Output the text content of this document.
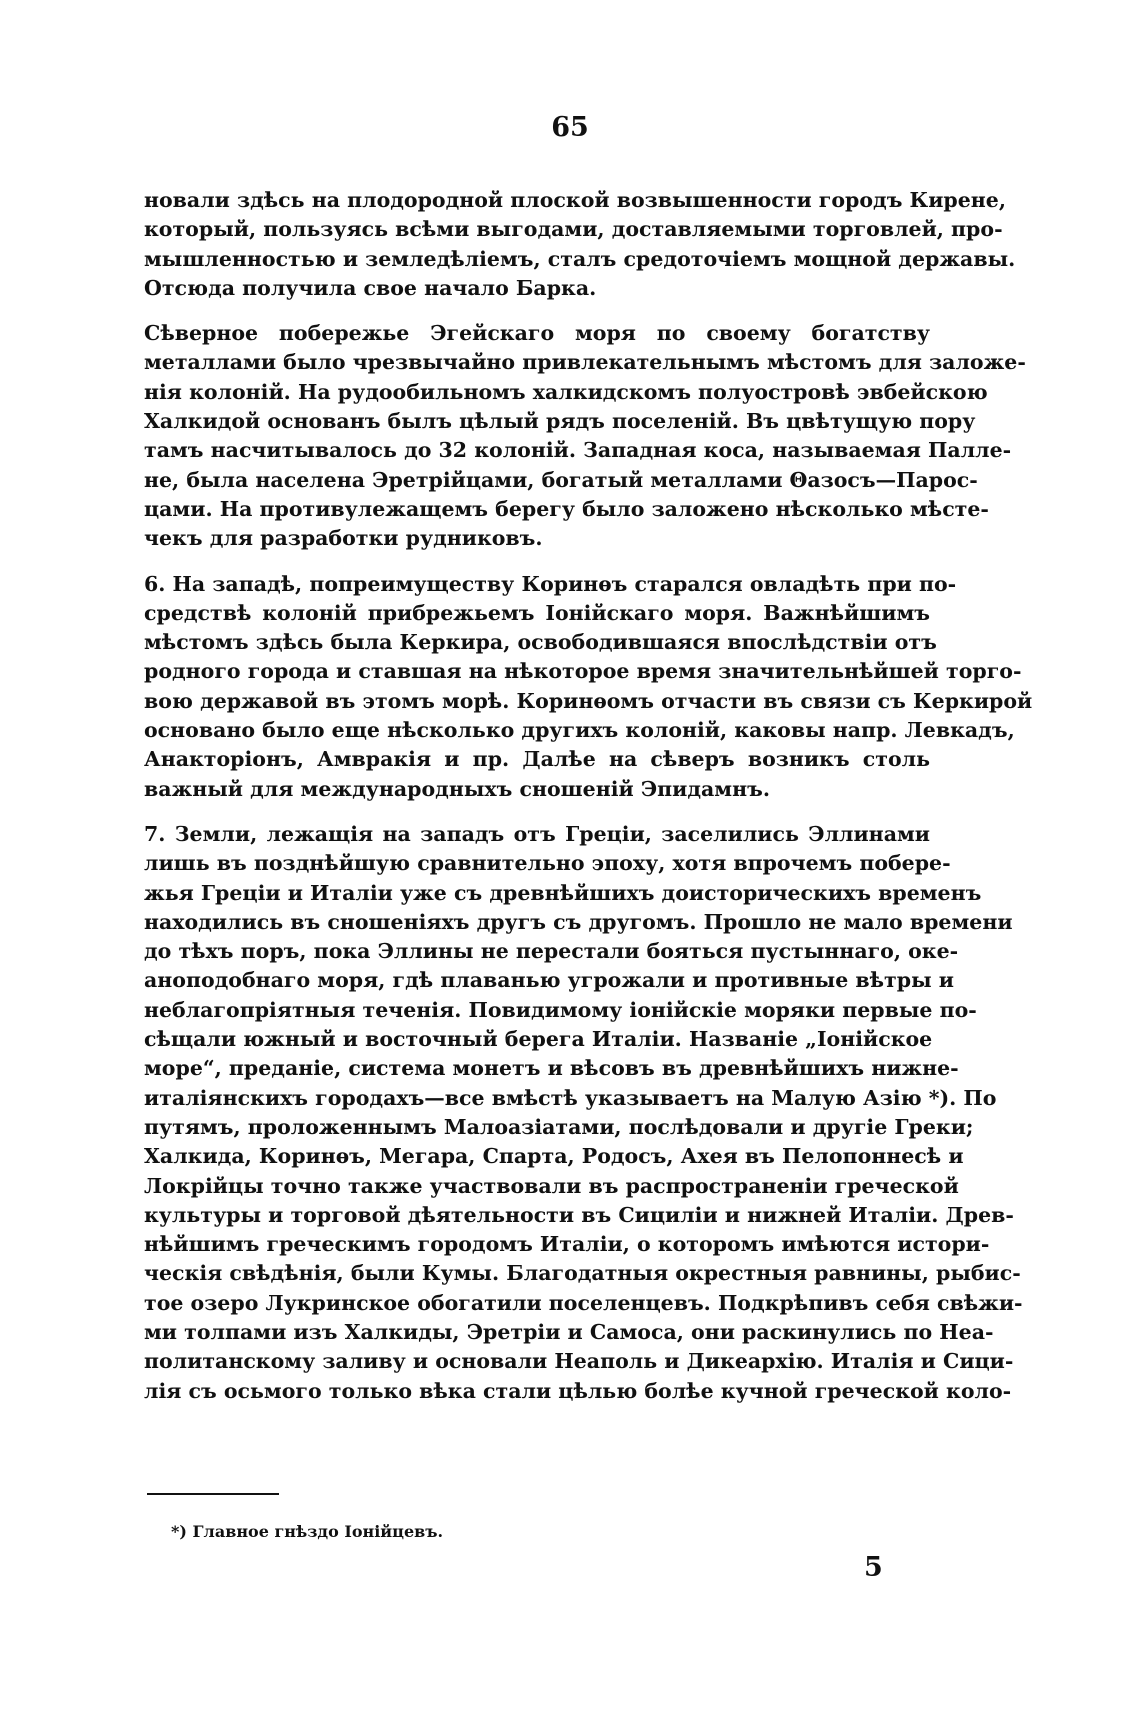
65
новали здѣсь на плодородной плоской возвышенности городъ Кирене,
который, пользуясь всѣми выгодами, доставляемыми торговлей, про-
мышленностью и земледѣліемъ, сталъ средоточіемъ мощной державы.
Отсюда получила свое начало Барка.
Сѣверное побережье Эгейскаго моря по своему богатству
металлами было чрезвычайно привлекательнымъ мѣстомъ для заложе-
нія колоній. На рудообильномъ халкидскомъ полуостровѣ эвбейскою
Халкидой основанъ былъ цѣлый рядъ поселеній. Въ цвѣтущую пору
тамъ насчитывалось до 32 колоній. Западная коса, называемая Палле-
не, была населена Эретрійцами, богатый металлами Θазосъ—Парос-
цами. На противулежащемъ берегу было заложено нѣсколько мѣсте-
чекъ для разработки рудниковъ.
6. На западѣ, попреимуществу Коринѳъ старался овладѣть при по-
средствѣ колоній прибрежьемъ Іонійскаго моря. Важнѣйшимъ
мѣстомъ здѣсь была Керкира, освободившаяся впослѣдствіи отъ
родного города и ставшая на нѣкоторое время значительнѣйшей торго-
вою державой въ этомъ морѣ. Коринѳомъ отчасти въ связи съ Керкирой
основано было еще нѣсколько другихъ колоній, каковы напр. Левкадъ,
Анакторіонъ, Амвракія и пр. Далѣе на сѣверъ возникъ столь
важный для международныхъ сношеній Эпидамнъ.
7. Земли, лежащія на западъ отъ Греціи, заселились Эллинами
лишь въ позднѣйшую сравнительно эпоху, хотя впрочемъ побере-
жья Греціи и Италіи уже съ древнѣйшихъ доисторическихъ временъ
находились въ сношеніяхъ другъ съ другомъ. Прошло не мало времени
до тѣхъ поръ, пока Эллины не перестали бояться пустыннаго, оке-
аноподобнаго моря, гдѣ плаванью угрожали и противные вѣтры и
неблагопріятныя теченія. Повидимому іонійскіе моряки первые по-
сѣщали южный и восточный берега Италіи. Названіе „Іонійское
море“, преданіе, система монетъ и вѣсовъ въ древнѣйшихъ нижне-
италіянскихъ городахъ—все вмѣстѣ указываетъ на Малую Азію *). По
путямъ, проложеннымъ Малоазіатами, послѣдовали и другіе Греки;
Халкида, Коринѳъ, Мегара, Спарта, Родосъ, Ахея въ Пелопоннесѣ и
Локрійцы точно также участвовали въ распространеніи греческой
культуры и торговой дѣятельности въ Сициліи и нижней Италіи. Древ-
нѣйшимъ греческимъ городомъ Италіи, о которомъ имѣются истори-
ческія свѣдѣнія, были Кумы. Благодатныя окрестныя равнины, рыбис-
тое озеро Лукринское обогатили поселенцевъ. Подкрѣпивъ себя свѣжи-
ми толпами изъ Халкиды, Эретріи и Самоса, они раскинулись по Неа-
политанскому заливу и основали Неаполь и Дикеархію. Италія и Сици-
лія съ осьмого только вѣка стали цѣлью болѣе кучной греческой коло-
*) Главное гнѣздо Іонійцевъ.
5
